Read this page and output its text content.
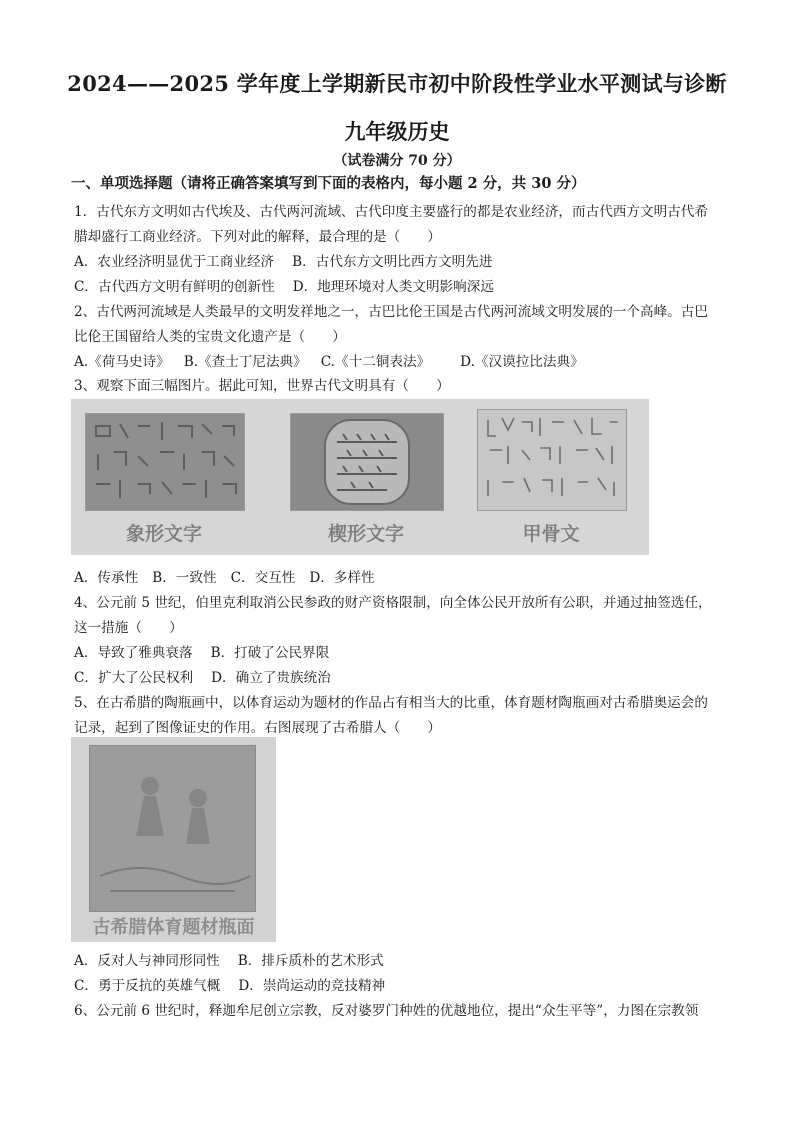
2024——2025 学年度上学期新民市初中阶段性学业水平测试与诊断
九年级历史
（试卷满分 70 分）
一、单项选择题（请将正确答案填写到下面的表格内，每小题 2 分，共 30 分）
1．古代东方文明如古代埃及、古代两河流域、古代印度主要盛行的都是农业经济，而古代西方文明古代希
腊却盛行工商业经济。下列对此的解释，最合理的是（　　）
A．农业经济明显优于工商业经济 B．古代东方文明比西方文明先进
C．古代西方文明有鲜明的创新性 D．地理环境对人类文明影响深远
2、古代两河流域是人类最早的文明发祥地之一，古巴比伦王国是古代两河流域文明发展的一个高峰。古巴
比伦王国留给人类的宝贵文化遗产是（　　）
A.《荷马史诗》 B.《查士丁尼法典》 C.《十二铜表法》 D.《汉谟拉比法典》
3、观察下面三幅图片。据此可知，世界古代文明具有（　　）
象形文字	楔形文字	甲骨文
A．传承性 B．一致性 C．交互性 D．多样性
4、公元前 5 世纪，伯里克利取消公民参政的财产资格限制，向全体公民开放所有公职，并通过抽签选任，
这一措施（　　）
A．导致了雅典衰落 B．打破了公民界限
C．扩大了公民权利 D．确立了贵族统治
5、在古希腊的陶瓶画中，以体育运动为题材的作品占有相当大的比重，体育题材陶瓶画对古希腊奥运会的
记录，起到了图像证史的作用。右图展现了古希腊人（　　）
古希腊体育题材瓶面
A．反对人与神同形同性 B．排斥质朴的艺术形式
C．勇于反抗的英雄气概 D．崇尚运动的竞技精神
6、公元前 6 世纪时，释迦牟尼创立宗教，反对婆罗门种姓的优越地位，提出“众生平等”，力图在宗教领
